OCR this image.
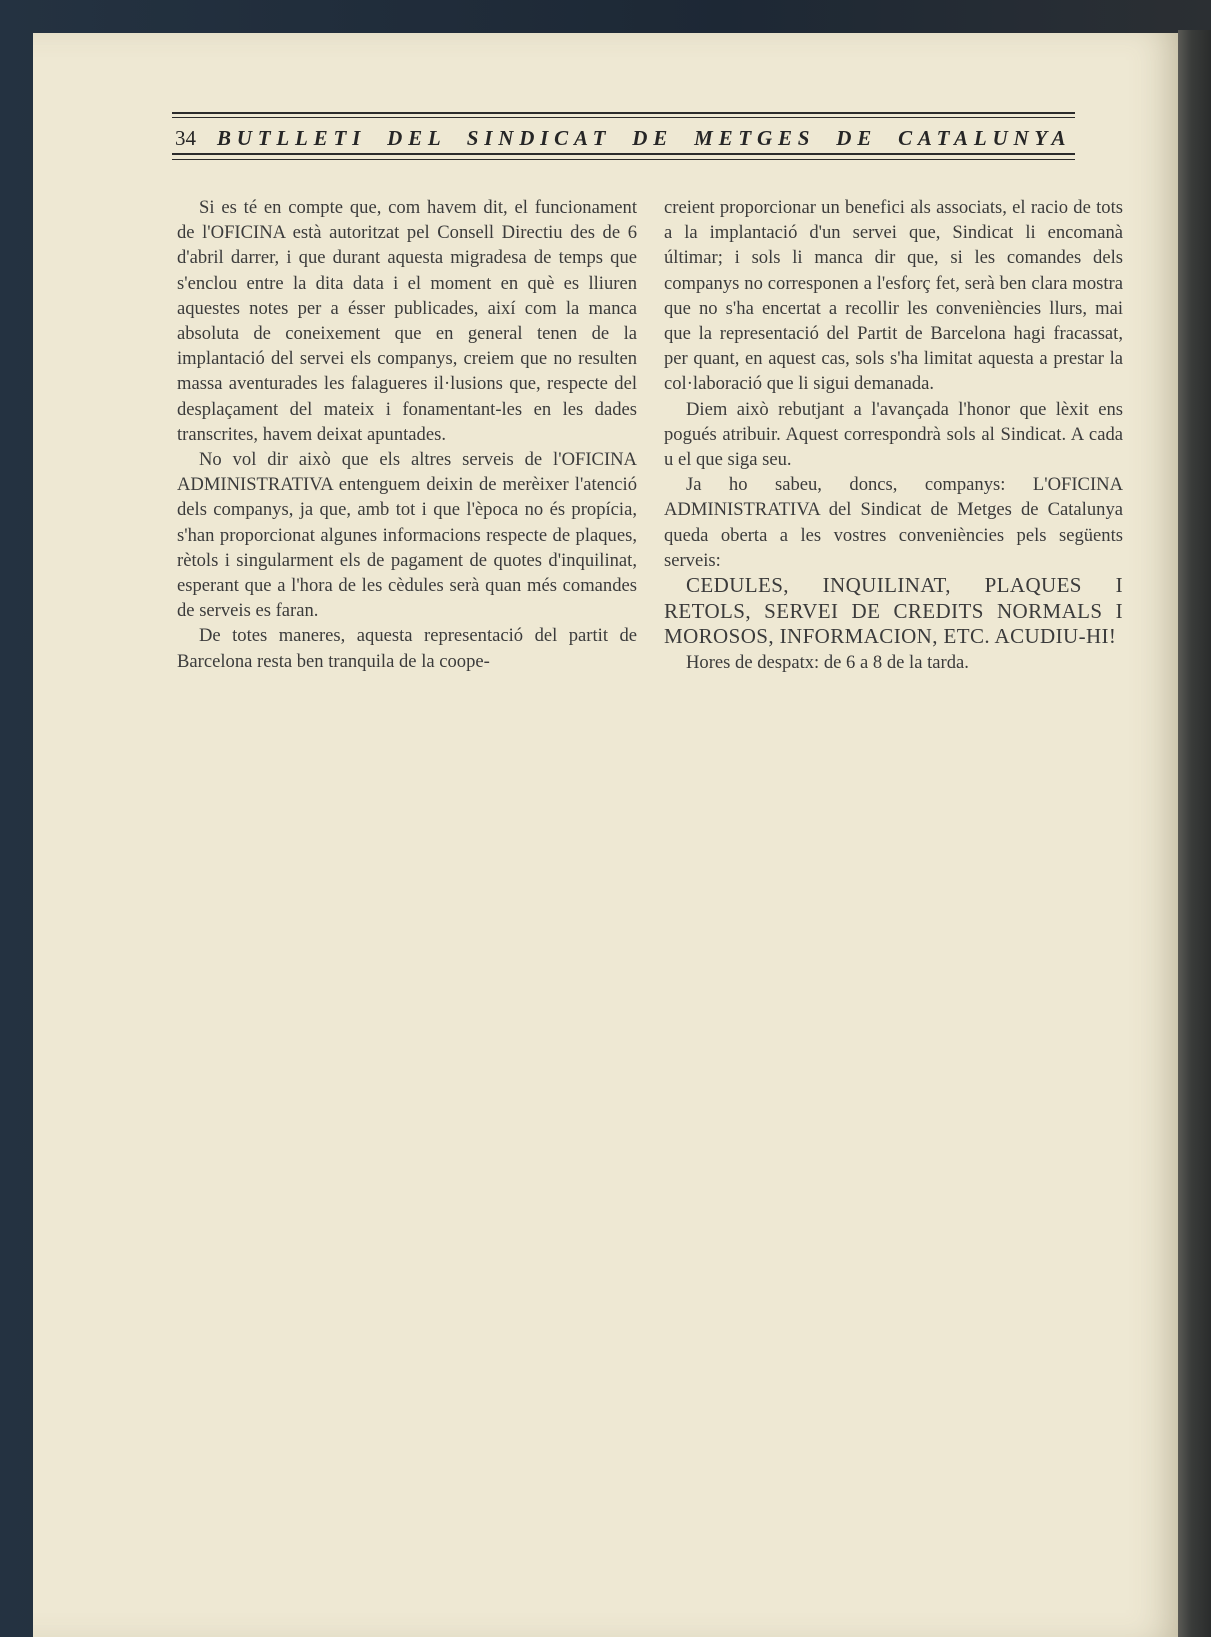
34	BUTLLETI DEL SINDICAT DE METGES DE CATALUNYA

Si es té en compte que, com havem dit, el funcionament de l'OFICINA està autoritzat pel Consell Directiu des de 6 d'abril darrer, i que durant aquesta migradesa de temps que s'enclou entre la dita data i el moment en què es lliuren aquestes notes per a ésser publicades, així com la manca absoluta de coneixement que en general tenen de la implantació del servei els companys, creiem que no resulten massa aventurades les falagueres il·lusions que, respecte del desplaçament del mateix i fonamentant-les en les dades transcrites, havem deixat apuntades.

No vol dir això que els altres serveis de l'OFICINA ADMINISTRATIVA entenguem deixin de merèixer l'atenció dels companys, ja que, amb tot i que l'època no és propícia, s'han proporcionat algunes informacions respecte de plaques, rètols i singularment els de pagament de quotes d'inquilinat, esperant que a l'hora de les cèdules serà quan més comandes de serveis es faran.

De totes maneres, aquesta representació del partit de Barcelona resta ben tranquila de la coope-

creient proporcionar un benefici als associats, el racio de tots a la implantació d'un servei que, Sindicat li encomanà últimar; i sols li manca dir que, si les comandes dels companys no corresponen a l'esforç fet, serà ben clara mostra que no s'ha encertat a recollir les conveniències llurs, mai que la representació del Partit de Barcelona hagi fracassat, per quant, en aquest cas, sols s'ha limitat aquesta a prestar la col·laboració que li sigui demanada.

Diem això rebutjant a l'avançada l'honor que lèxit ens pogués atribuir. Aquest correspondrà sols al Sindicat. A cada u el que siga seu.

Ja ho sabeu, doncs, companys: L'OFICINA ADMINISTRATIVA del Sindicat de Metges de Catalunya queda oberta a les vostres conveniències pels següents serveis:

CEDULES, INQUILINAT, PLAQUES I RETOLS, SERVEI DE CREDITS NORMALS I MOROSOS, INFORMACION, ETC. ACUDIU-HI!

Hores de despatx: de 6 a 8 de la tarda.
